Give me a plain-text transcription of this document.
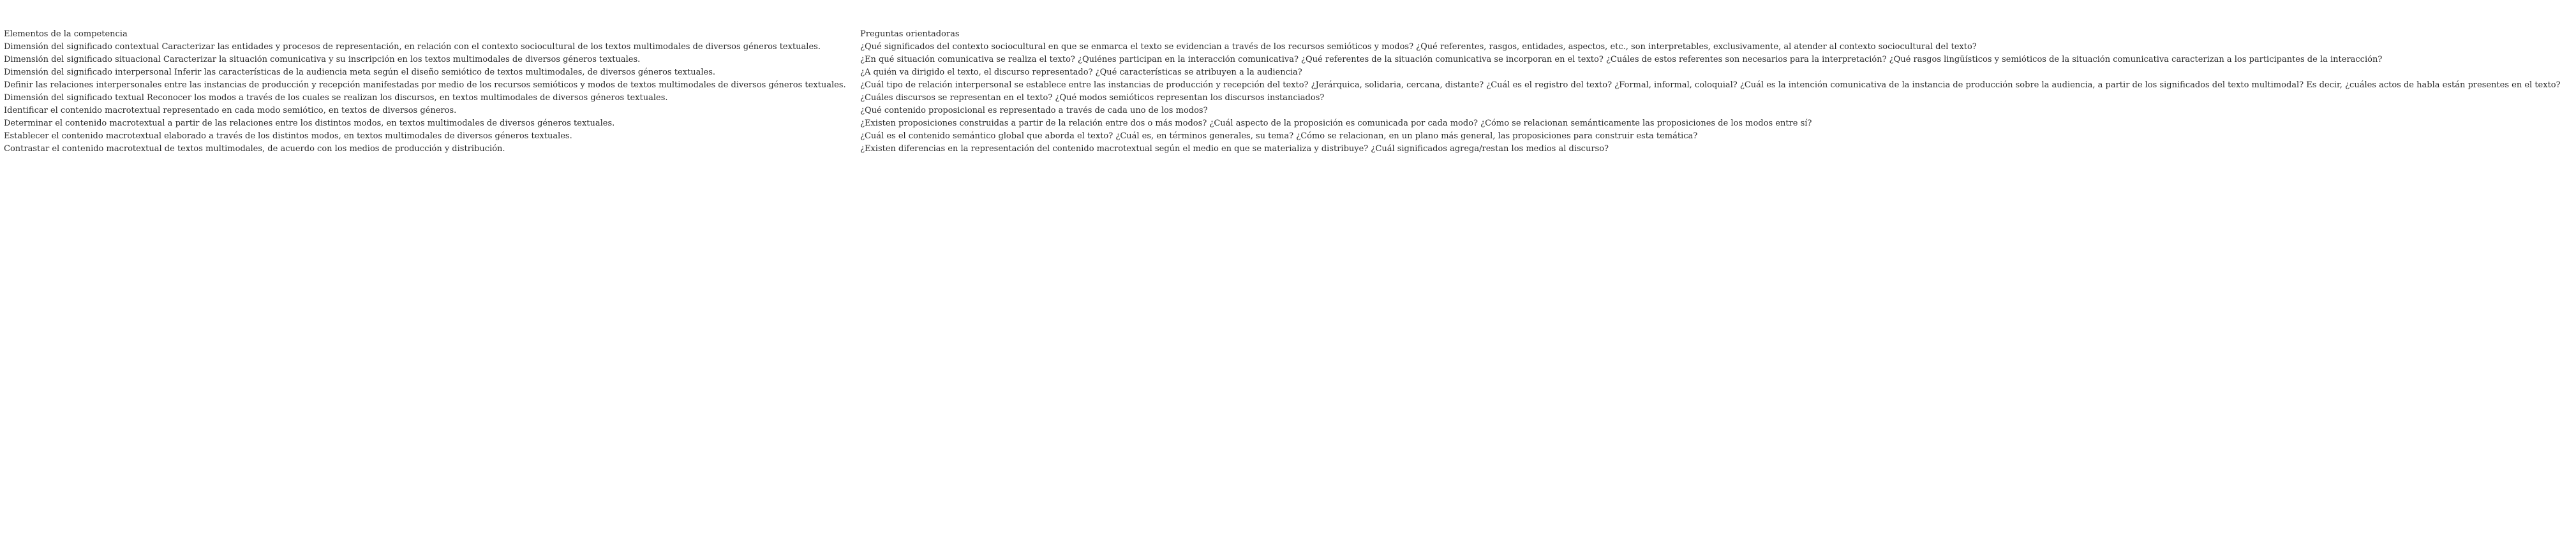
Elementos de la competencia	Preguntas orientadoras
Dimensión del significado contextual Caracterizar las entidades y procesos de representación, en relación con el contexto sociocultural de los textos multimodales de diversos géneros textuales.	¿Qué significados del contexto sociocultural en que se enmarca el texto se evidencian a través de los recursos semióticos y modos? ¿Qué referentes, rasgos, entidades, aspectos, etc., son interpretables, exclusivamente, al atender al contexto sociocultural del texto?
Dimensión del significado situacional Caracterizar la situación comunicativa y su inscripción en los textos multimodales de diversos géneros textuales.	¿En qué situación comunicativa se realiza el texto? ¿Quiénes participan en la interacción comunicativa? ¿Qué referentes de la situación comunicativa se incorporan en el texto? ¿Cuáles de estos referentes son necesarios para la interpretación? ¿Qué rasgos lingüísticos y semióticos de la situación comunicativa caracterizan a los participantes de la interacción?
Dimensión del significado interpersonal Inferir las características de la audiencia meta según el diseño semiótico de textos multimodales, de diversos géneros textuales.	¿A quién va dirigido el texto, el discurso representado? ¿Qué características se atribuyen a la audiencia?
Definir las relaciones interpersonales entre las instancias de producción y recepción manifestadas por medio de los recursos semióticos y modos de textos multimodales de diversos géneros textuales.	¿Cuál tipo de relación interpersonal se establece entre las instancias de producción y recepción del texto? ¿Jerárquica, solidaria, cercana, distante? ¿Cuál es el registro del texto? ¿Formal, informal, coloquial? ¿Cuál es la intención comunicativa de la instancia de producción sobre la audiencia, a partir de los significados del texto multimodal? Es decir, ¿cuáles actos de habla están presentes en el texto?
Dimensión del significado textual Reconocer los modos a través de los cuales se realizan los discursos, en textos multimodales de diversos géneros textuales.	¿Cuáles discursos se representan en el texto? ¿Qué modos semióticos representan los discursos instanciados?
Identificar el contenido macrotextual representado en cada modo semiótico, en textos de diversos géneros.	¿Qué contenido proposicional es representado a través de cada uno de los modos?
Determinar el contenido macrotextual a partir de las relaciones entre los distintos modos, en textos multimodales de diversos géneros textuales.	¿Existen proposiciones construidas a partir de la relación entre dos o más modos? ¿Cuál aspecto de la proposición es comunicada por cada modo? ¿Cómo se relacionan semánticamente las proposiciones de los modos entre sí?
Establecer el contenido macrotextual elaborado a través de los distintos modos, en textos multimodales de diversos géneros textuales.	¿Cuál es el contenido semántico global que aborda el texto? ¿Cuál es, en términos generales, su tema? ¿Cómo se relacionan, en un plano más general, las proposiciones para construir esta temática?
Contrastar el contenido macrotextual de textos multimodales, de acuerdo con los medios de producción y distribución.	¿Existen diferencias en la representación del contenido macrotextual según el medio en que se materializa y distribuye? ¿Cuál significados agrega/restan los medios al discurso?
